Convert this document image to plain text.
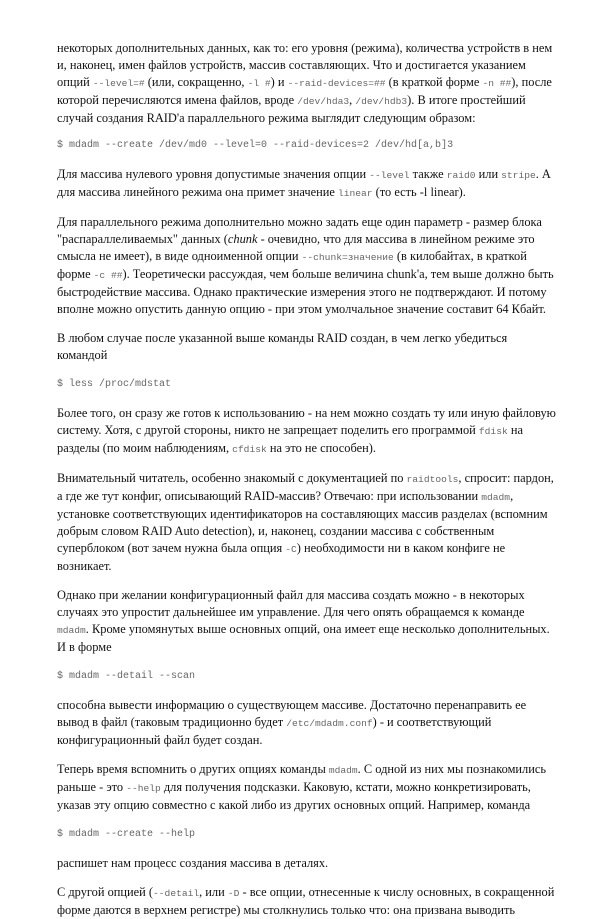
некоторых дополнительных данных, как то: его уровня (режима), количества устройств в нем и, наконец, имен файлов устройств, массив составляющих. Что и достигается указанием опций --level=# (или, сокращенно, -l #) и --raid-devices=## (в краткой форме -n ##), после которой перечисляются имена файлов, вроде /dev/hda3, /dev/hdb3). В итоге простейший случай создания RAID'а параллельного режима выглядит следующим образом:

$ mdadm --create /dev/md0 --level=0 --raid-devices=2 /dev/hd[a,b]3

Для массива нулевого уровня допустимые значения опции --level также raid0 или stripe. А для массива линейного режима она примет значение linear (то есть -l linear).

Для параллельного режима дополнительно можно задать еще один параметр - размер блока "распараллеливаемых" данных (chunk - очевидно, что для массива в линейном режиме это смысла не имеет), в виде одноименной опции --chunk=значение (в килобайтах, в краткой форме -c ##). Теоретически рассуждая, чем больше величина chunk'a, тем выше должно быть быстродействие массива. Однако практические измерения этого не подтверждают. И потому вполне можно опустить данную опцию - при этом умолчальное значение составит 64 Кбайт.

В любом случае после указанной выше команды RAID создан, в чем легко убедиться командой

$ less /proc/mdstat

Более того, он сразу же готов к использованию - на нем можно создать ту или иную файловую систему. Хотя, с другой стороны, никто не запрещает поделить его программой fdisk на разделы (по моим наблюдениям, cfdisk на это не способен).

Внимательный читатель, особенно знакомый с документацией по raidtools, спросит: пардон, а где же тут конфиг, описывающий RAID-массив? Отвечаю: при использовании mdadm, установке соответствующих идентификаторов на составляющих массив разделах (вспомним добрым словом RAID Auto detection), и, наконец, создании массива с собственным суперблоком (вот зачем нужна была опция -C) необходимости ни в каком конфиге не возникает.

Однако при желании конфигурационный файл для массива создать можно - в некоторых случаях это упростит дальнейшее им управление. Для чего опять обращаемся к команде mdadm. Кроме упомянутых выше основных опций, она имеет еще несколько дополнительных. И в форме

$ mdadm --detail --scan

способна вывести информацию о существующем массиве. Достаточно перенаправить ее вывод в файл (таковым традиционно будет /etc/mdadm.conf) - и соответствующий конфигурационный файл будет создан.

Теперь время вспомнить о других опциях команды mdadm. С одной из них мы познакомились раньше - это --help для получения подсказки. Каковую, кстати, можно конкретизировать, указав эту опцию совместно с какой либо из других основных опций. Например, команда

$ mdadm --create --help

распишет нам процесс создания массива в деталях.

С другой опцией (--detail, или -D - все опции, отнесенные к числу основных, в сокращенной форме даются в верхнем регистре) мы столкнулись только что: она призвана выводить
